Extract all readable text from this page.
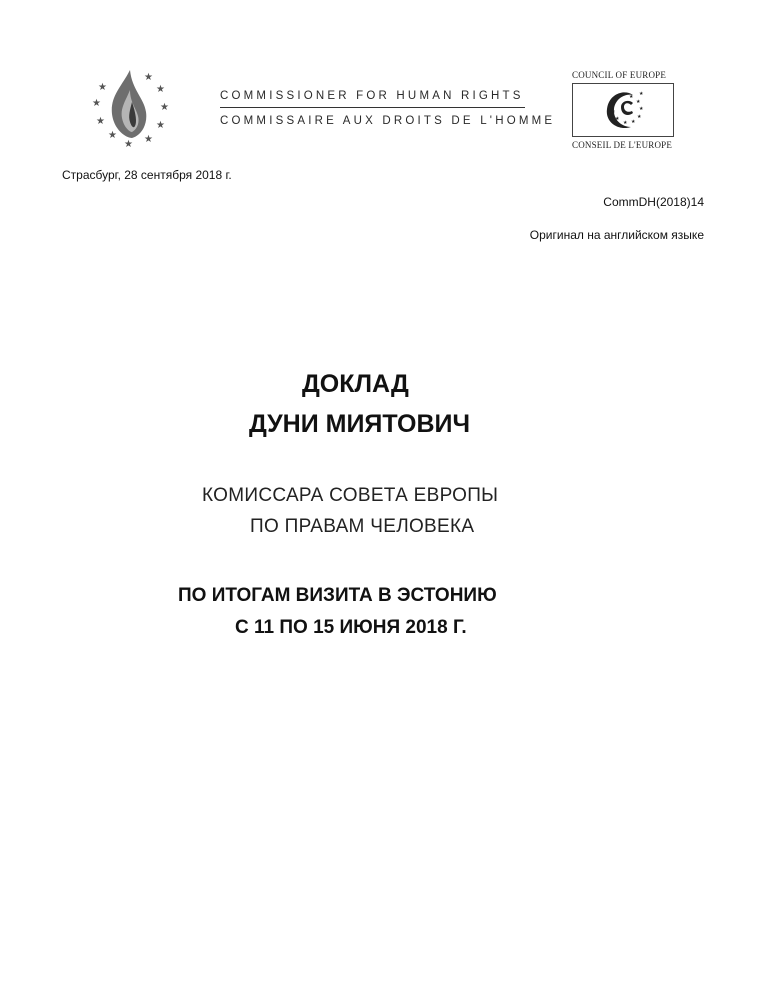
★
★
★
★
★ ★
★
★
★
★
COMMISSIONER FOR HUMAN RIGHTS
COMMISSAIRE AUX DROITS DE L'HOMME
COUNCIL OF EUROPE
★ ★
★
★
★
★
★
★
★
★
★
★
CONSEIL DE L'EUROPE
Страсбург, 28 сентября 2018 г.
CommDH(2018)14
Оригинал на английском языке
ДОКЛАД
ДУНИ МИЯТОВИЧ
КОМИССАРА СОВЕТА ЕВРОПЫ
ПО ПРАВАМ ЧЕЛОВЕКА
ПО ИТОГАМ ВИЗИТА В ЭСТОНИЮ
С 11 ПО 15 ИЮНЯ 2018 Г.
